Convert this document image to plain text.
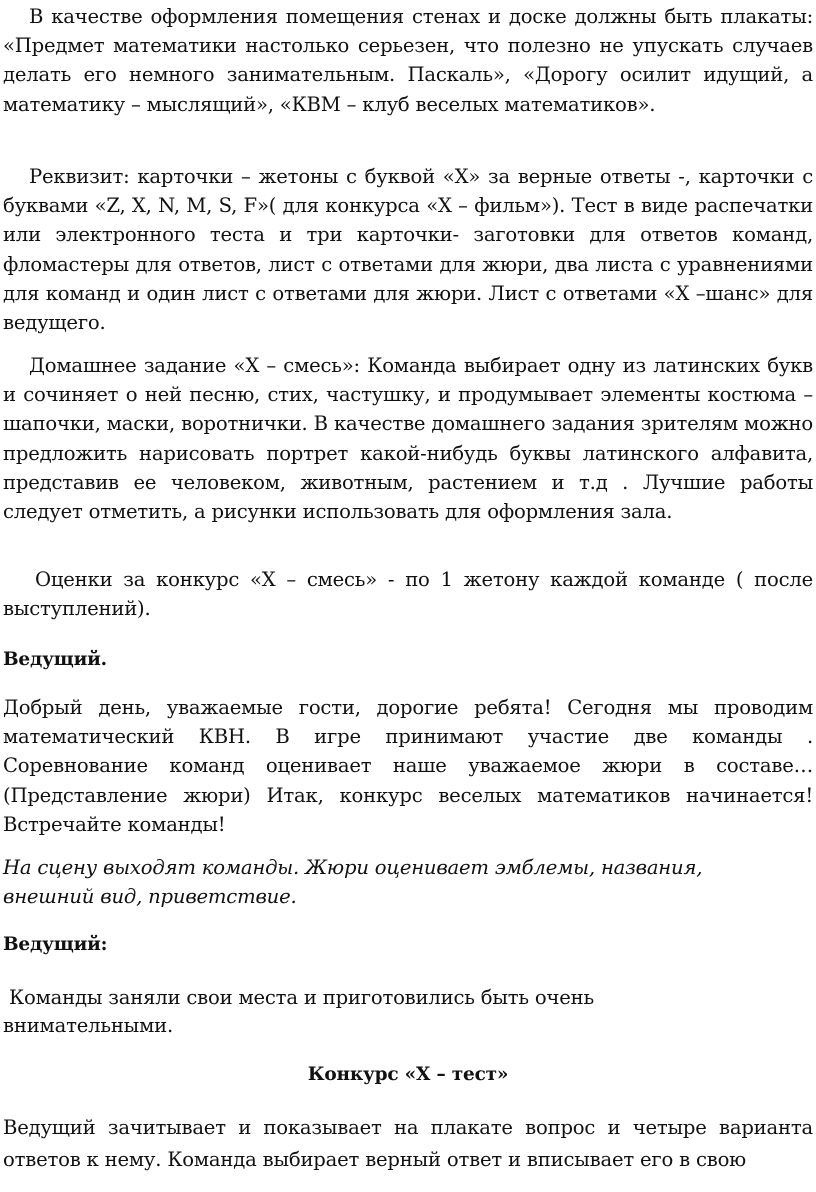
В качестве оформления помещения стенах и доске должны быть плакаты: «Предмет математики настолько серьезен, что полезно не упускать случаев делать его немного занимательным. Паскаль», «Дорогу осилит идущий, а математику – мыслящий», «КВМ – клуб веселых математиков».

Реквизит: карточки – жетоны с буквой «Х» за верные ответы -, карточки с буквами «Z, X, N, M, S, F»( для конкурса «Х – фильм»). Тест в виде распечатки или электронного теста и три карточки- заготовки для ответов команд, фломастеры для ответов, лист с ответами для жюри, два листа с уравнениями для команд и один лист с ответами для жюри. Лист с ответами «Х –шанс» для ведущего.

Домашнее задание «Х – смесь»: Команда выбирает одну из латинских букв и сочиняет о ней песню, стих, частушку, и продумывает элементы костюма – шапочки, маски, воротнички. В качестве домашнего задания зрителям можно предложить нарисовать портрет какой-нибудь буквы латинского алфавита, представив ее человеком, животным, растением и т.д . Лучшие работы следует отметить, а рисунки использовать для оформления зала.

Оценки за конкурс «Х – смесь» - по 1 жетону каждой команде ( после выступлений).

Ведущий.

Добрый день, уважаемые гости, дорогие ребята! Сегодня мы проводим математический КВН. В игре принимают участие две команды . Соревнование команд оценивает наше уважаемое жюри в составе… (Представление жюри) Итак, конкурс веселых математиков начинается! Встречайте команды!

На сцену выходят команды. Жюри оценивает эмблемы, названия, внешний вид, приветствие.

Ведущий:

Команды заняли свои места и приготовились быть очень внимательными.

Конкурс «Х – тест»

Ведущий зачитывает и показывает на плакате вопрос и четыре варианта ответов к нему. Команда выбирает верный ответ и вписывает его в свою
